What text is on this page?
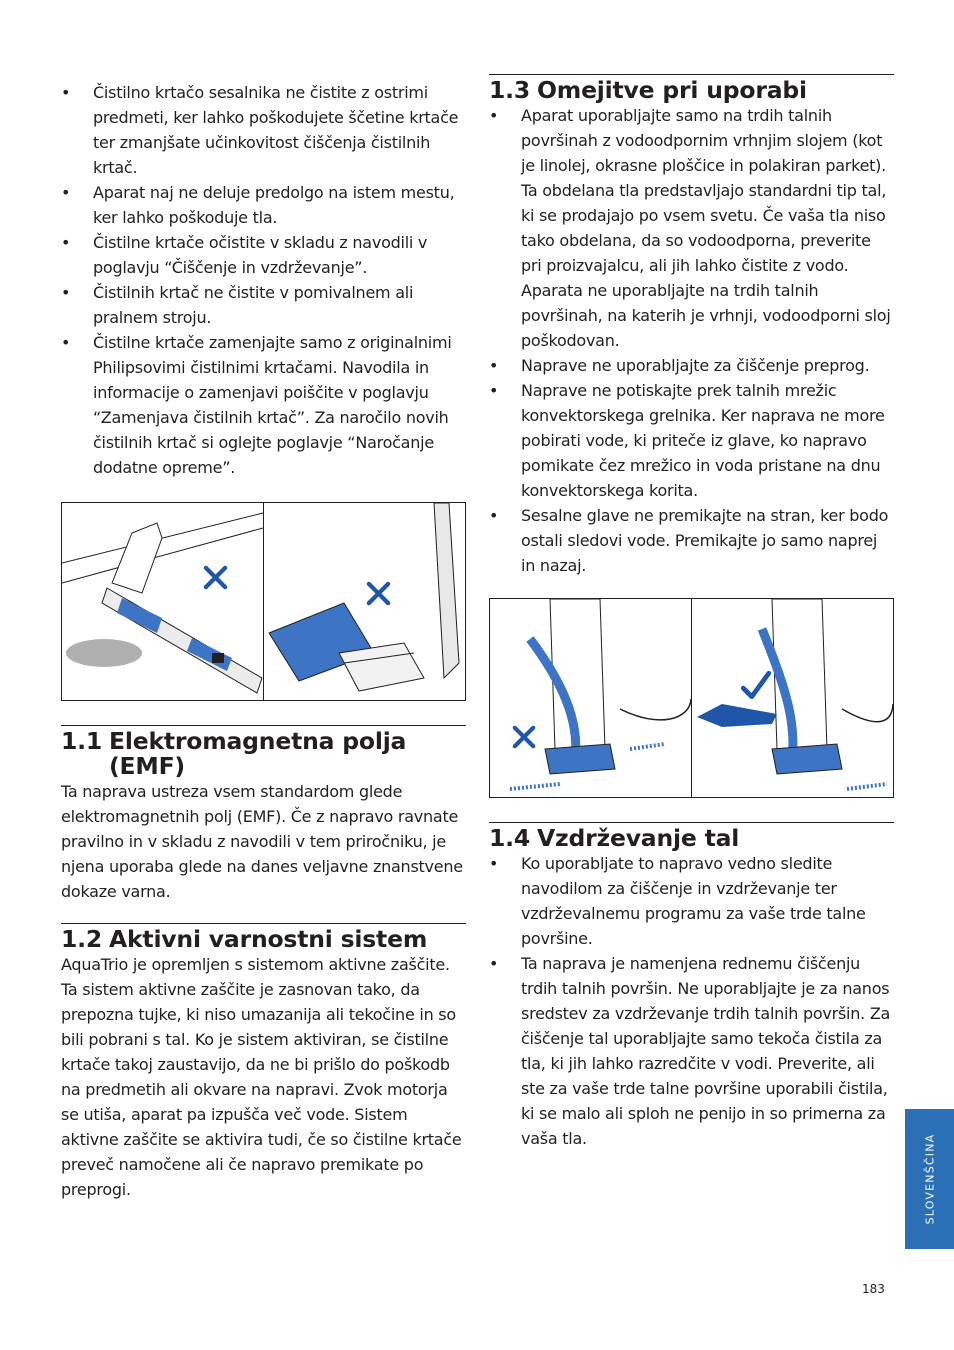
• Čistilno krtačo sesalnika ne čistite z ostrimi predmeti, ker lahko poškodujete ščetine krtače ter zmanjšate učinkovitost čiščenja čistilnih krtač.
• Aparat naj ne deluje predolgo na istem mestu, ker lahko poškoduje tla.
• Čistilne krtače očistite v skladu z navodili v poglavju “Čiščenje in vzdrževanje”.
• Čistilnih krtač ne čistite v pomivalnem ali pralnem stroju.
• Čistilne krtače zamenjajte samo z originalnimi Philipsovimi čistilnimi krtačami. Navodila in informacije o zamenjavi poiščite v poglavju “Zamenjava čistilnih krtač”. Za naročilo novih čistilnih krtač si oglejte poglavje “Naročanje dodatne opreme”.
1.1 Elektromagnetna polja (EMF)

Ta naprava ustreza vsem standardom glede elektromagnetnih polj (EMF). Če z napravo ravnate pravilno in v skladu z navodili v tem priročniku, je njena uporaba glede na danes veljavne znanstvene dokaze varna.

1.2 Aktivni varnostni sistem

AquaTrio je opremljen s sistemom aktivne zaščite. Ta sistem aktivne zaščite je zasnovan tako, da prepozna tujke, ki niso umazanija ali tekočine in so bili pobrani s tal. Ko je sistem aktiviran, se čistilne krtače takoj zaustavijo, da ne bi prišlo do poškodb na predmetih ali okvare na napravi. Zvok motorja se utiša, aparat pa izpušča več vode. Sistem aktivne zaščite se aktivira tudi, če so čistilne krtače preveč namočene ali če napravo premikate po preprogi.

1.3 Omejitve pri uporabi
• Aparat uporabljajte samo na trdih talnih površinah z vodoodpornim vrhnjim slojem (kot je linolej, okrasne ploščice in polakiran parket). Ta obdelana tla predstavljajo standardni tip tal, ki se prodajajo po vsem svetu. Če vaša tla niso tako obdelana, da so vodoodporna, preverite pri proizvajalcu, ali jih lahko čistite z vodo. Aparata ne uporabljajte na trdih talnih površinah, na katerih je vrhnji, vodoodporni sloj poškodovan.
• Naprave ne uporabljajte za čiščenje preprog.
• Naprave ne potiskajte prek talnih mrežic konvektorskega grelnika. Ker naprava ne more pobirati vode, ki priteče iz glave, ko napravo pomikate čez mrežico in voda pristane na dnu konvektorskega korita.
• Sesalne glave ne premikajte na stran, ker bodo ostali sledovi vode. Premikajte jo samo naprej in nazaj.
1.4 Vzdrževanje tal
• Ko uporabljate to napravo vedno sledite navodilom za čiščenje in vzdrževanje ter vzdrževalnemu programu za vaše trde talne površine.
• Ta naprava je namenjena rednemu čiščenju trdih talnih površin. Ne uporabljajte je za nanos sredstev za vzdrževanje trdih talnih površin. Za čiščenje tal uporabljajte samo tekoča čistila za tla, ki jih lahko razredčite v vodi. Preverite, ali ste za vaše trde talne površine uporabili čistila, ki se malo ali sploh ne penijo in so primerna za vaša tla.	SLOVENŠČINA
183
